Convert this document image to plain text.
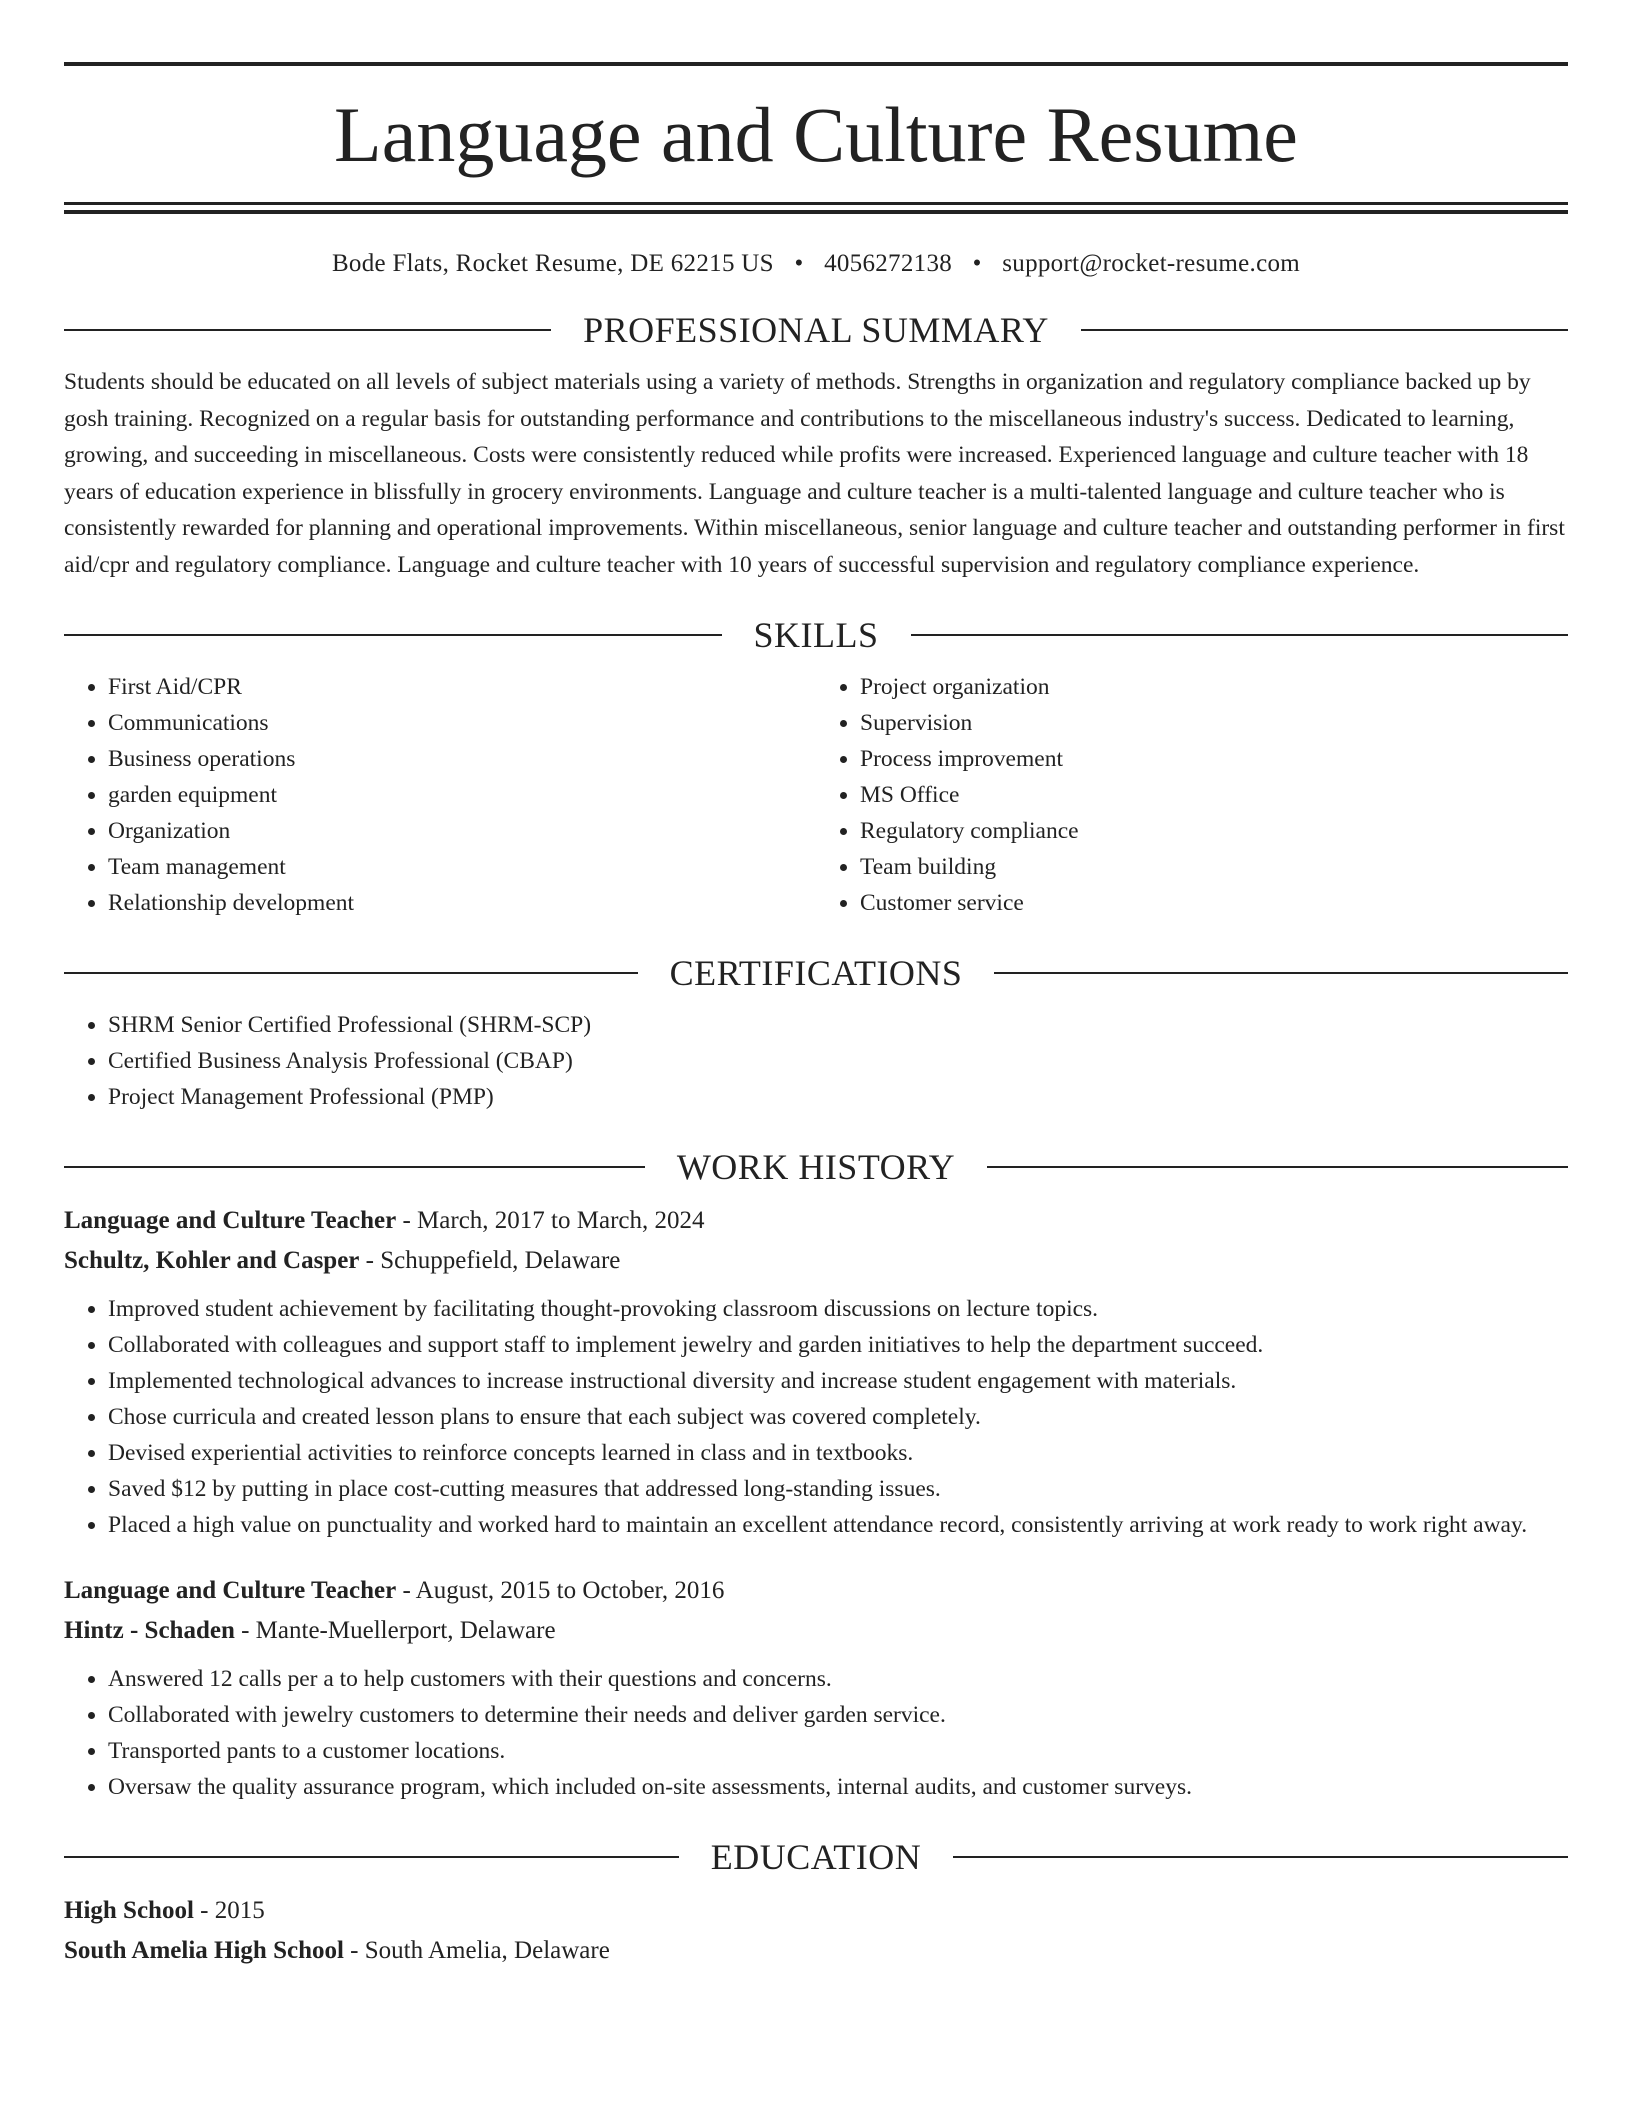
Language and Culture Resume
Bode Flats, Rocket Resume, DE 62215 US • 4056272138 • support@rocket-resume.com
PROFESSIONAL SUMMARY

Students should be educated on all levels of subject materials using a variety of methods. Strengths in organization and regulatory compliance backed up by gosh training. Recognized on a regular basis for outstanding performance and contributions to the miscellaneous industry's success. Dedicated to learning, growing, and succeeding in miscellaneous. Costs were consistently reduced while profits were increased. Experienced language and culture teacher with 18 years of education experience in blissfully in grocery environments. Language and culture teacher is a multi-talented language and culture teacher who is consistently rewarded for planning and operational improvements. Within miscellaneous, senior language and culture teacher and outstanding performer in first aid/cpr and regulatory compliance. Language and culture teacher with 10 years of successful supervision and regulatory compliance experience.

SKILLS
• First Aid/CPR
• Communications
• Business operations
• garden equipment
• Organization
• Team management
• Relationship development
• Project organization
• Supervision
• Process improvement
• MS Office
• Regulatory compliance
• Team building
• Customer service
CERTIFICATIONS
• SHRM Senior Certified Professional (SHRM-SCP)
• Certified Business Analysis Professional (CBAP)
• Project Management Professional (PMP)
WORK HISTORY
Language and Culture Teacher - March, 2017 to March, 2024
Schultz, Kohler and Casper - Schuppefield, Delaware
• Improved student achievement by facilitating thought-provoking classroom discussions on lecture topics.
• Collaborated with colleagues and support staff to implement jewelry and garden initiatives to help the department succeed.
• Implemented technological advances to increase instructional diversity and increase student engagement with materials.
• Chose curricula and created lesson plans to ensure that each subject was covered completely.
• Devised experiential activities to reinforce concepts learned in class and in textbooks.
• Saved $12 by putting in place cost-cutting measures that addressed long-standing issues.
• Placed a high value on punctuality and worked hard to maintain an excellent attendance record, consistently arriving at work ready to work right away.
Language and Culture Teacher - August, 2015 to October, 2016
Hintz - Schaden - Mante-Muellerport, Delaware
• Answered 12 calls per a to help customers with their questions and concerns.
• Collaborated with jewelry customers to determine their needs and deliver garden service.
• Transported pants to a customer locations.
• Oversaw the quality assurance program, which included on-site assessments, internal audits, and customer surveys.
EDUCATION
High School - 2015
South Amelia High School - South Amelia, Delaware
